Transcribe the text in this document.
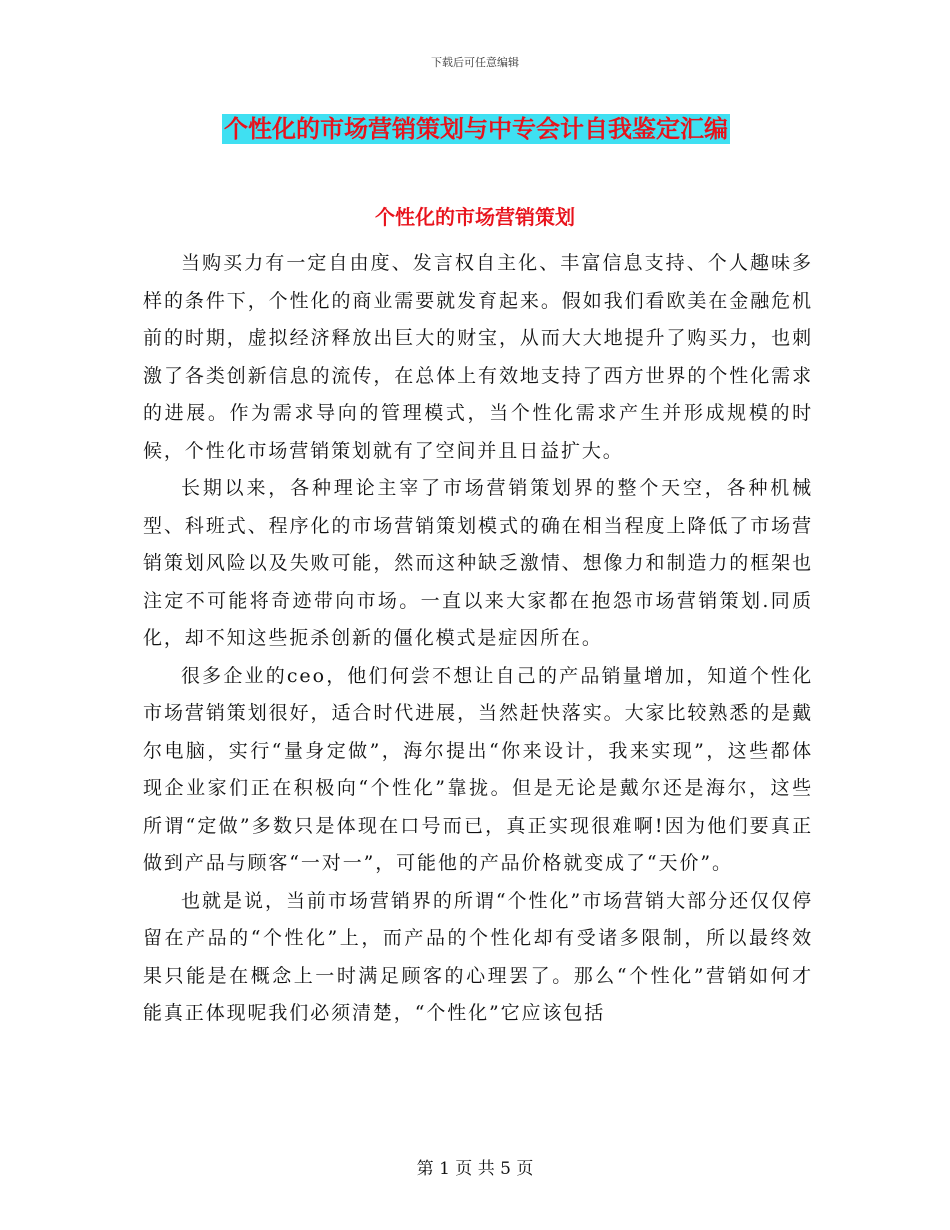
下载后可任意编辑
个性化的市场营销策划与中专会计自我鉴定汇编
个性化的市场营销策划

当购买力有一定自由度、发言权自主化、丰富信息支持、个人趣味多样的条件下，个性化的商业需要就发育起来。假如我们看欧美在金融危机前的时期，虚拟经济释放出巨大的财宝，从而大大地提升了购买力，也刺激了各类创新信息的流传，在总体上有效地支持了西方世界的个性化需求的进展。作为需求导向的管理模式，当个性化需求产生并形成规模的时候，个性化市场营销策划就有了空间并且日益扩大。

长期以来，各种理论主宰了市场营销策划界的整个天空，各种机械型、科班式、程序化的市场营销策划模式的确在相当程度上降低了市场营销策划风险以及失败可能，然而这种缺乏激情、想像力和制造力的框架也注定不可能将奇迹带向市场。一直以来大家都在抱怨市场营销策划.同质化，却不知这些扼杀创新的僵化模式是症因所在。

很多企业的ceo，他们何尝不想让自己的产品销量增加，知道个性化市场营销策划很好，适合时代进展，当然赶快落实。大家比较熟悉的是戴尔电脑，实行“量身定做”，海尔提出“你来设计，我来实现”，这些都体现企业家们正在积极向“个性化”靠拢。但是无论是戴尔还是海尔，这些所谓“定做”多数只是体现在口号而已，真正实现很难啊!因为他们要真正做到产品与顾客“一对一”，可能他的产品价格就变成了“天价”。

也就是说，当前市场营销界的所谓“个性化”市场营销大部分还仅仅停留在产品的“个性化”上，而产品的个性化却有受诸多限制，所以最终效果只能是在概念上一时满足顾客的心理罢了。那么“个性化”营销如何才能真正体现呢我们必须清楚，“个性化”它应该包括

第 1 页 共 5 页
